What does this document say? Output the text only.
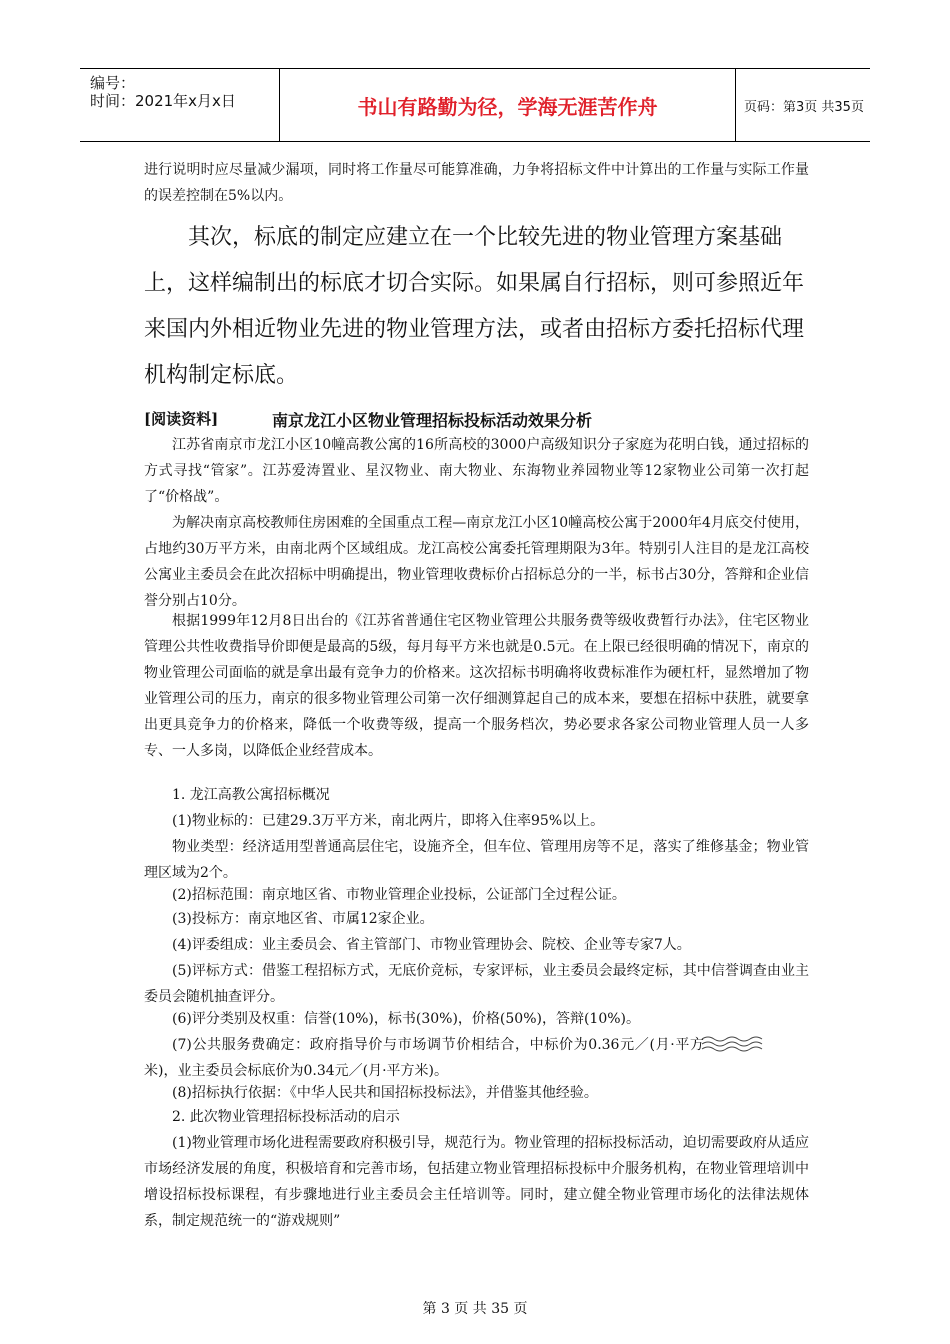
编号：
时间：2021年x月x日	书山有路勤为径，学海无涯苦作舟	页码：第3页 共35页

进行说明时应尽量减少漏项，同时将工作量尽可能算准确，力争将招标文件中计算出的工作量与实际工作量的误差控制在5%以内。

其次，标底的制定应建立在一个比较先进的物业管理方案基础上，这样编制出的标底才切合实际。如果属自行招标，则可参照近年来国内外相近物业先进的物业管理方法，或者由招标方委托招标代理机构制定标底。

[阅读资料]	南京龙江小区物业管理招标投标活动效果分析

江苏省南京市龙江小区10幢高教公寓的16所高校的3000户高级知识分子家庭为花明白钱，通过招标的方式寻找“管家”。江苏爱涛置业、星汉物业、南大物业、东海物业养园物业等12家物业公司第一次打起了“价格战”。

为解决南京高校教师住房困难的全国重点工程—南京龙江小区10幢高校公寓于2000年4月底交付使用，占地约30万平方米，由南北两个区域组成。龙江高校公寓委托管理期限为3年。特别引人注目的是龙江高校公寓业主委员会在此次招标中明确提出，物业管理收费标价占招标总分的一半，标书占30分，答辩和企业信誉分别占10分。

根据1999年12月8日出台的《江苏省普通住宅区物业管理公共服务费等级收费暂行办法》，住宅区物业管理公共性收费指导价即便是最高的5级，每月每平方米也就是0.5元。在上限已经很明确的情况下，南京的物业管理公司面临的就是拿出最有竞争力的价格来。这次招标书明确将收费标准作为硬杠杆，显然增加了物业管理公司的压力，南京的很多物业管理公司第一次仔细测算起自己的成本来，要想在招标中获胜，就要拿出更具竞争力的价格来，降低一个收费等级，提高一个服务档次，势必要求各家公司物业管理人员一人多专、一人多岗，以降低企业经营成本。

1. 龙江高教公寓招标概况

(1)物业标的：已建29.3万平方米，南北两片，即将入住率95%以上。

物业类型：经济适用型普通高层住宅，设施齐全，但车位、管理用房等不足，落实了维修基金；物业管理区域为2个。

(2)招标范围：南京地区省、市物业管理企业投标，公证部门全过程公证。

(3)投标方：南京地区省、市属12家企业。

(4)评委组成：业主委员会、省主管部门、市物业管理协会、院校、企业等专家7人。

(5)评标方式：借鉴工程招标方式，无底价竞标，专家评标，业主委员会最终定标，其中信誉调查由业主委员会随机抽查评分。

(6)评分类别及权重：信誉(10%)，标书(30%)，价格(50%)，答辩(10%)。

(7)公共服务费确定：政府指导价与市场调节价相结合，中标价为0.36元／(月·平方米)，业主委员会标底价为0.34元／(月·平方米)。

(8)招标执行依据：《中华人民共和国招标投标法》，并借鉴其他经验。

2. 此次物业管理招标投标活动的启示

(1)物业管理市场化进程需要政府积极引导，规范行为。物业管理的招标投标活动，迫切需要政府从适应市场经济发展的角度，积极培育和完善市场，包括建立物业管理招标投标中介服务机构，在物业管理培训中增设招标投标课程，有步骤地进行业主委员会主任培训等。同时，建立健全物业管理市场化的法律法规体系，制定规范统一的“游戏规则”

第 3 页 共 35 页
